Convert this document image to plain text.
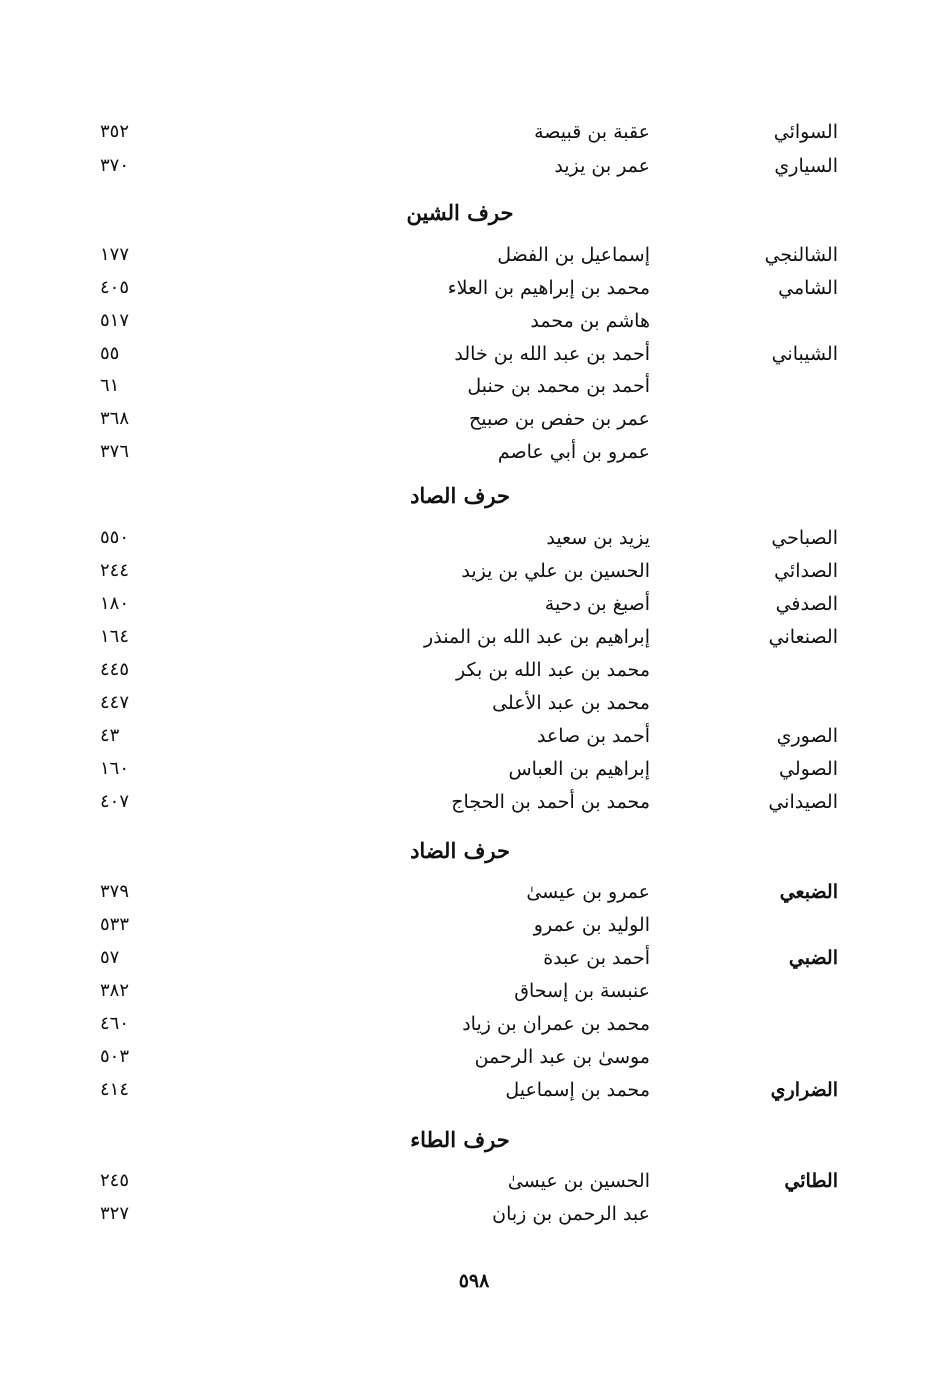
٥٩٨
السوائي
عقبة بن قبيصة
٣٥٢
السياري
عمر بن يزيد
٣٧٠
حرف الشين
الشالنجي
إسماعيل بن الفضل
١٧٧
الشامي
محمد بن إبراهيم بن العلاء
٤٠٥
هاشم بن محمد
٥١٧
الشيباني
أحمد بن عبد الله بن خالد
٥٥
أحمد بن محمد بن حنبل
٦١
عمر بن حفص بن صبيح
٣٦٨
عمرو بن أبي عاصم
٣٧٦
حرف الصاد
الصباحي
يزيد بن سعيد
٥٥٠
الصدائي
الحسين بن علي بن يزيد
٢٤٤
الصدفي
أصبغ بن دحية
١٨٠
الصنعاني
إبراهيم بن عبد الله بن المنذر
١٦٤
محمد بن عبد الله بن بكر
٤٤٥
محمد بن عبد الأعلى
٤٤٧
الصوري
أحمد بن صاعد
٤٣
الصولي
إبراهيم بن العباس
١٦٠
الصيداني
محمد بن أحمد بن الحجاج
٤٠٧
حرف الضاد
الضبعي
عمرو بن عيسىٰ
٣٧٩
الوليد بن عمرو
٥٣٣
الضبي
أحمد بن عبدة
٥٧
عنبسة بن إسحاق
٣٨٢
محمد بن عمران بن زياد
٤٦٠
موسىٰ بن عبد الرحمن
٥٠٣
الضراري
محمد بن إسماعيل
٤١٤
حرف الطاء
الطائي
الحسين بن عيسىٰ
٢٤٥
عبد الرحمن بن زبان
٣٢٧
